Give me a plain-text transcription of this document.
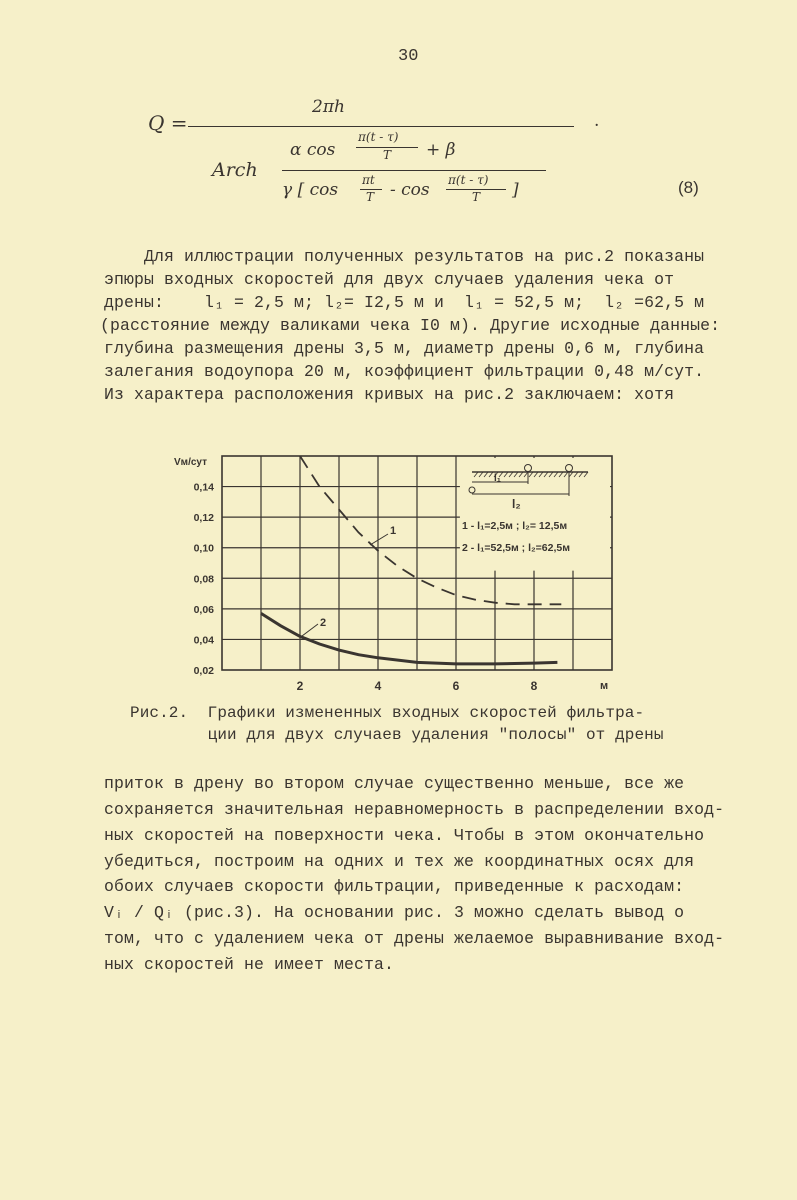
30
Q =
2πh
.
Arch
α cos
π(t - τ)
T + β
γ [ cos πt
T - cos π(t - τ)
T ]	(8)
Для иллюстрации полученных результатов на рис.2 показаны
эпюры входных скоростей для двух случаев удаления чека от
дрены:    l₁ = 2,5 м; l₂= I2,5 м и  l₁ = 52,5 м;  l₂ =62,5 м
(расстояние между валиками чека I0 м). Другие исходные данные:
глубина размещения дрены 3,5 м, диаметр дрены 0,6 м, глубина
залегания водоупора 20 м, коэффициент фильтрации 0,48 м/сут.
Из характера расположения кривых на рис.2 заключаем: хотя
l₁
l₂
1 - l₁=2,5м ; l₂= 12,5м
2 - l₁=52,5м ; l₂=62,5м
1
2
0,02
0,04
0,06
0,08
0,10
0,12
0,14
2	4	6	8	м
Vм/сут
Рис.2.  Графики измененных входных скоростей фильтра-
ции для двух случаев удаления "полосы" от дрены
приток в дрену во втором случае существенно меньше, все же
сохраняется значительная неравномерность в распределении вход-
ных скоростей на поверхности чека. Чтобы в этом окончательно
убедиться, построим на одних и тех же координатных осях для
обоих случаев скорости фильтрации, приведенные к расходам:
Vᵢ / Qᵢ (рис.3). На основании рис. 3 можно сделать вывод о
том, что с удалением чека от дрены желаемое выравнивание вход-
ных скоростей не имеет места.
